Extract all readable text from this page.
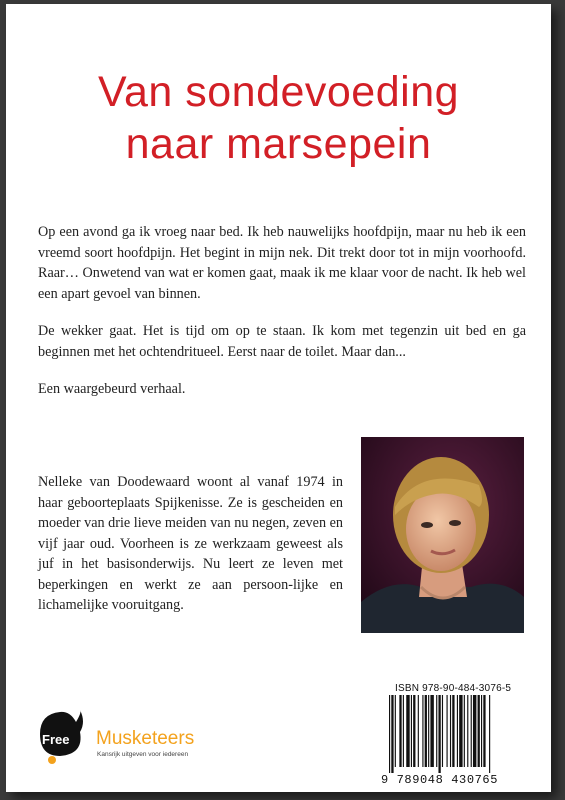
Van sondevoeding
naar marsepein

Op een avond ga ik vroeg naar bed. Ik heb nauwelijks hoofdpijn, maar nu heb ik een vreemd soort hoofdpijn. Het begint in mijn nek. Dit trekt door tot in mijn voorhoofd. Raar… Onwetend van wat er komen gaat, maak ik me klaar voor de nacht. Ik heb wel een apart gevoel van binnen.

De wekker gaat. Het is tijd om op te staan. Ik kom met tegenzin uit bed en ga beginnen met het ochtendritueel. Eerst naar de toilet. Maar dan...

Een waargebeurd verhaal.

Nelleke van Doodewaard woont al vanaf 1974 in haar geboorteplaats Spijkenisse. Ze is gescheiden en moeder van drie lieve meiden van nu negen, zeven en vijf jaar oud. Voorheen is ze werkzaam geweest als juf in het basisonderwijs. Nu leert ze leven met beperkingen en werkt ze aan persoon-lijke en lichamelijke vooruitgang.
Free Musketeers
Kansrijk uitgeven voor iedereen
ISBN 978-90-484-3076-5
9 789048 430765
